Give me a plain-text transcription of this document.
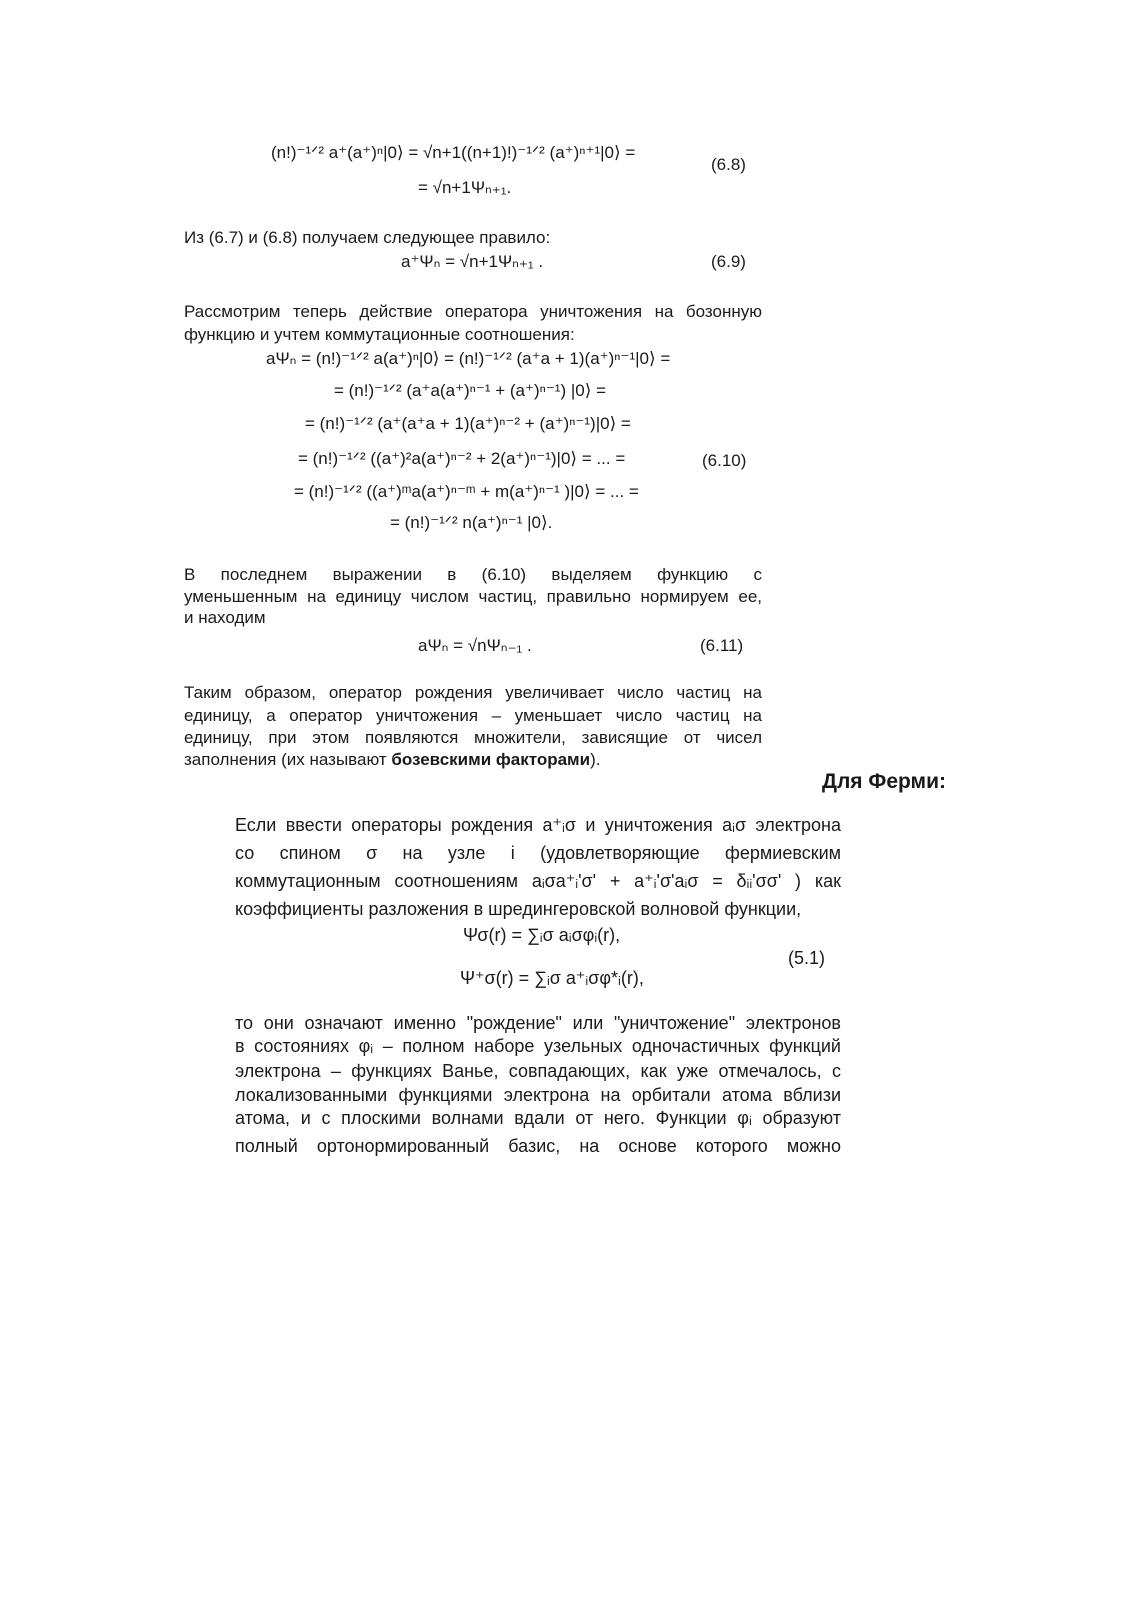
(n!)⁻¹ᐟ² a⁺(a⁺)ⁿ|0⟩ = √n+1((n+1)!)⁻¹ᐟ² (a⁺)ⁿ⁺¹|0⟩ =
= √n+1Ψₙ₊₁.
(6.8)
Из (6.7) и (6.8) получаем следующее правило:
a⁺Ψₙ = √n+1Ψₙ₊₁ .	(6.9)
Рассмотрим теперь действие оператора уничтожения на бозонную
функцию и учтем коммутационные соотношения:
aΨₙ = (n!)⁻¹ᐟ² a(a⁺)ⁿ|0⟩ = (n!)⁻¹ᐟ² (a⁺a + 1)(a⁺)ⁿ⁻¹|0⟩ =
= (n!)⁻¹ᐟ² (a⁺a(a⁺)ⁿ⁻¹ + (a⁺)ⁿ⁻¹) |0⟩ =
= (n!)⁻¹ᐟ² (a⁺(a⁺a + 1)(a⁺)ⁿ⁻² + (a⁺)ⁿ⁻¹)|0⟩ =
= (n!)⁻¹ᐟ² ((a⁺)²a(a⁺)ⁿ⁻² + 2(a⁺)ⁿ⁻¹)|0⟩ = ... =
= (n!)⁻¹ᐟ² ((a⁺)ᵐa(a⁺)ⁿ⁻ᵐ + m(a⁺)ⁿ⁻¹ )|0⟩ = ... =
= (n!)⁻¹ᐟ² n(a⁺)ⁿ⁻¹ |0⟩.
(6.10)
В последнем выражении в (6.10) выделяем функцию с
уменьшенным на единицу числом частиц, правильно нормируем ее,
и находим
aΨₙ = √nΨₙ₋₁ .	(6.11)
Таким образом, оператор рождения увеличивает число частиц на
единицу, а оператор уничтожения – уменьшает число частиц на
единицу, при этом появляются множители, зависящие от чисел
заполнения (их называют бозевскими факторами).
Для Ферми:
Если ввести операторы рождения a⁺ᵢσ и уничтожения aᵢσ электрона
со спином σ на узле i (удовлетворяющие фермиевским
коммутационным соотношениям aᵢσa⁺ᵢ'σ' + a⁺ᵢ'σ'aᵢσ = δᵢᵢ'σσ' ) как
коэффициенты разложения в шредингеровской волновой функции,
Ψσ(r) = ∑ᵢσ aᵢσφᵢ(r),
Ψ⁺σ(r) = ∑ᵢσ a⁺ᵢσφ*ᵢ(r),
(5.1)
то они означают именно "рождение" или "уничтожение" электронов
в состояниях φᵢ – полном наборе узельных одночастичных функций
электрона – функциях Ванье, совпадающих, как уже отмечалось, с
локализованными функциями электрона на орбитали атома вблизи
атома, и с плоскими волнами вдали от него. Функции φᵢ образуют
полный ортонормированный базис, на основе которого можно
